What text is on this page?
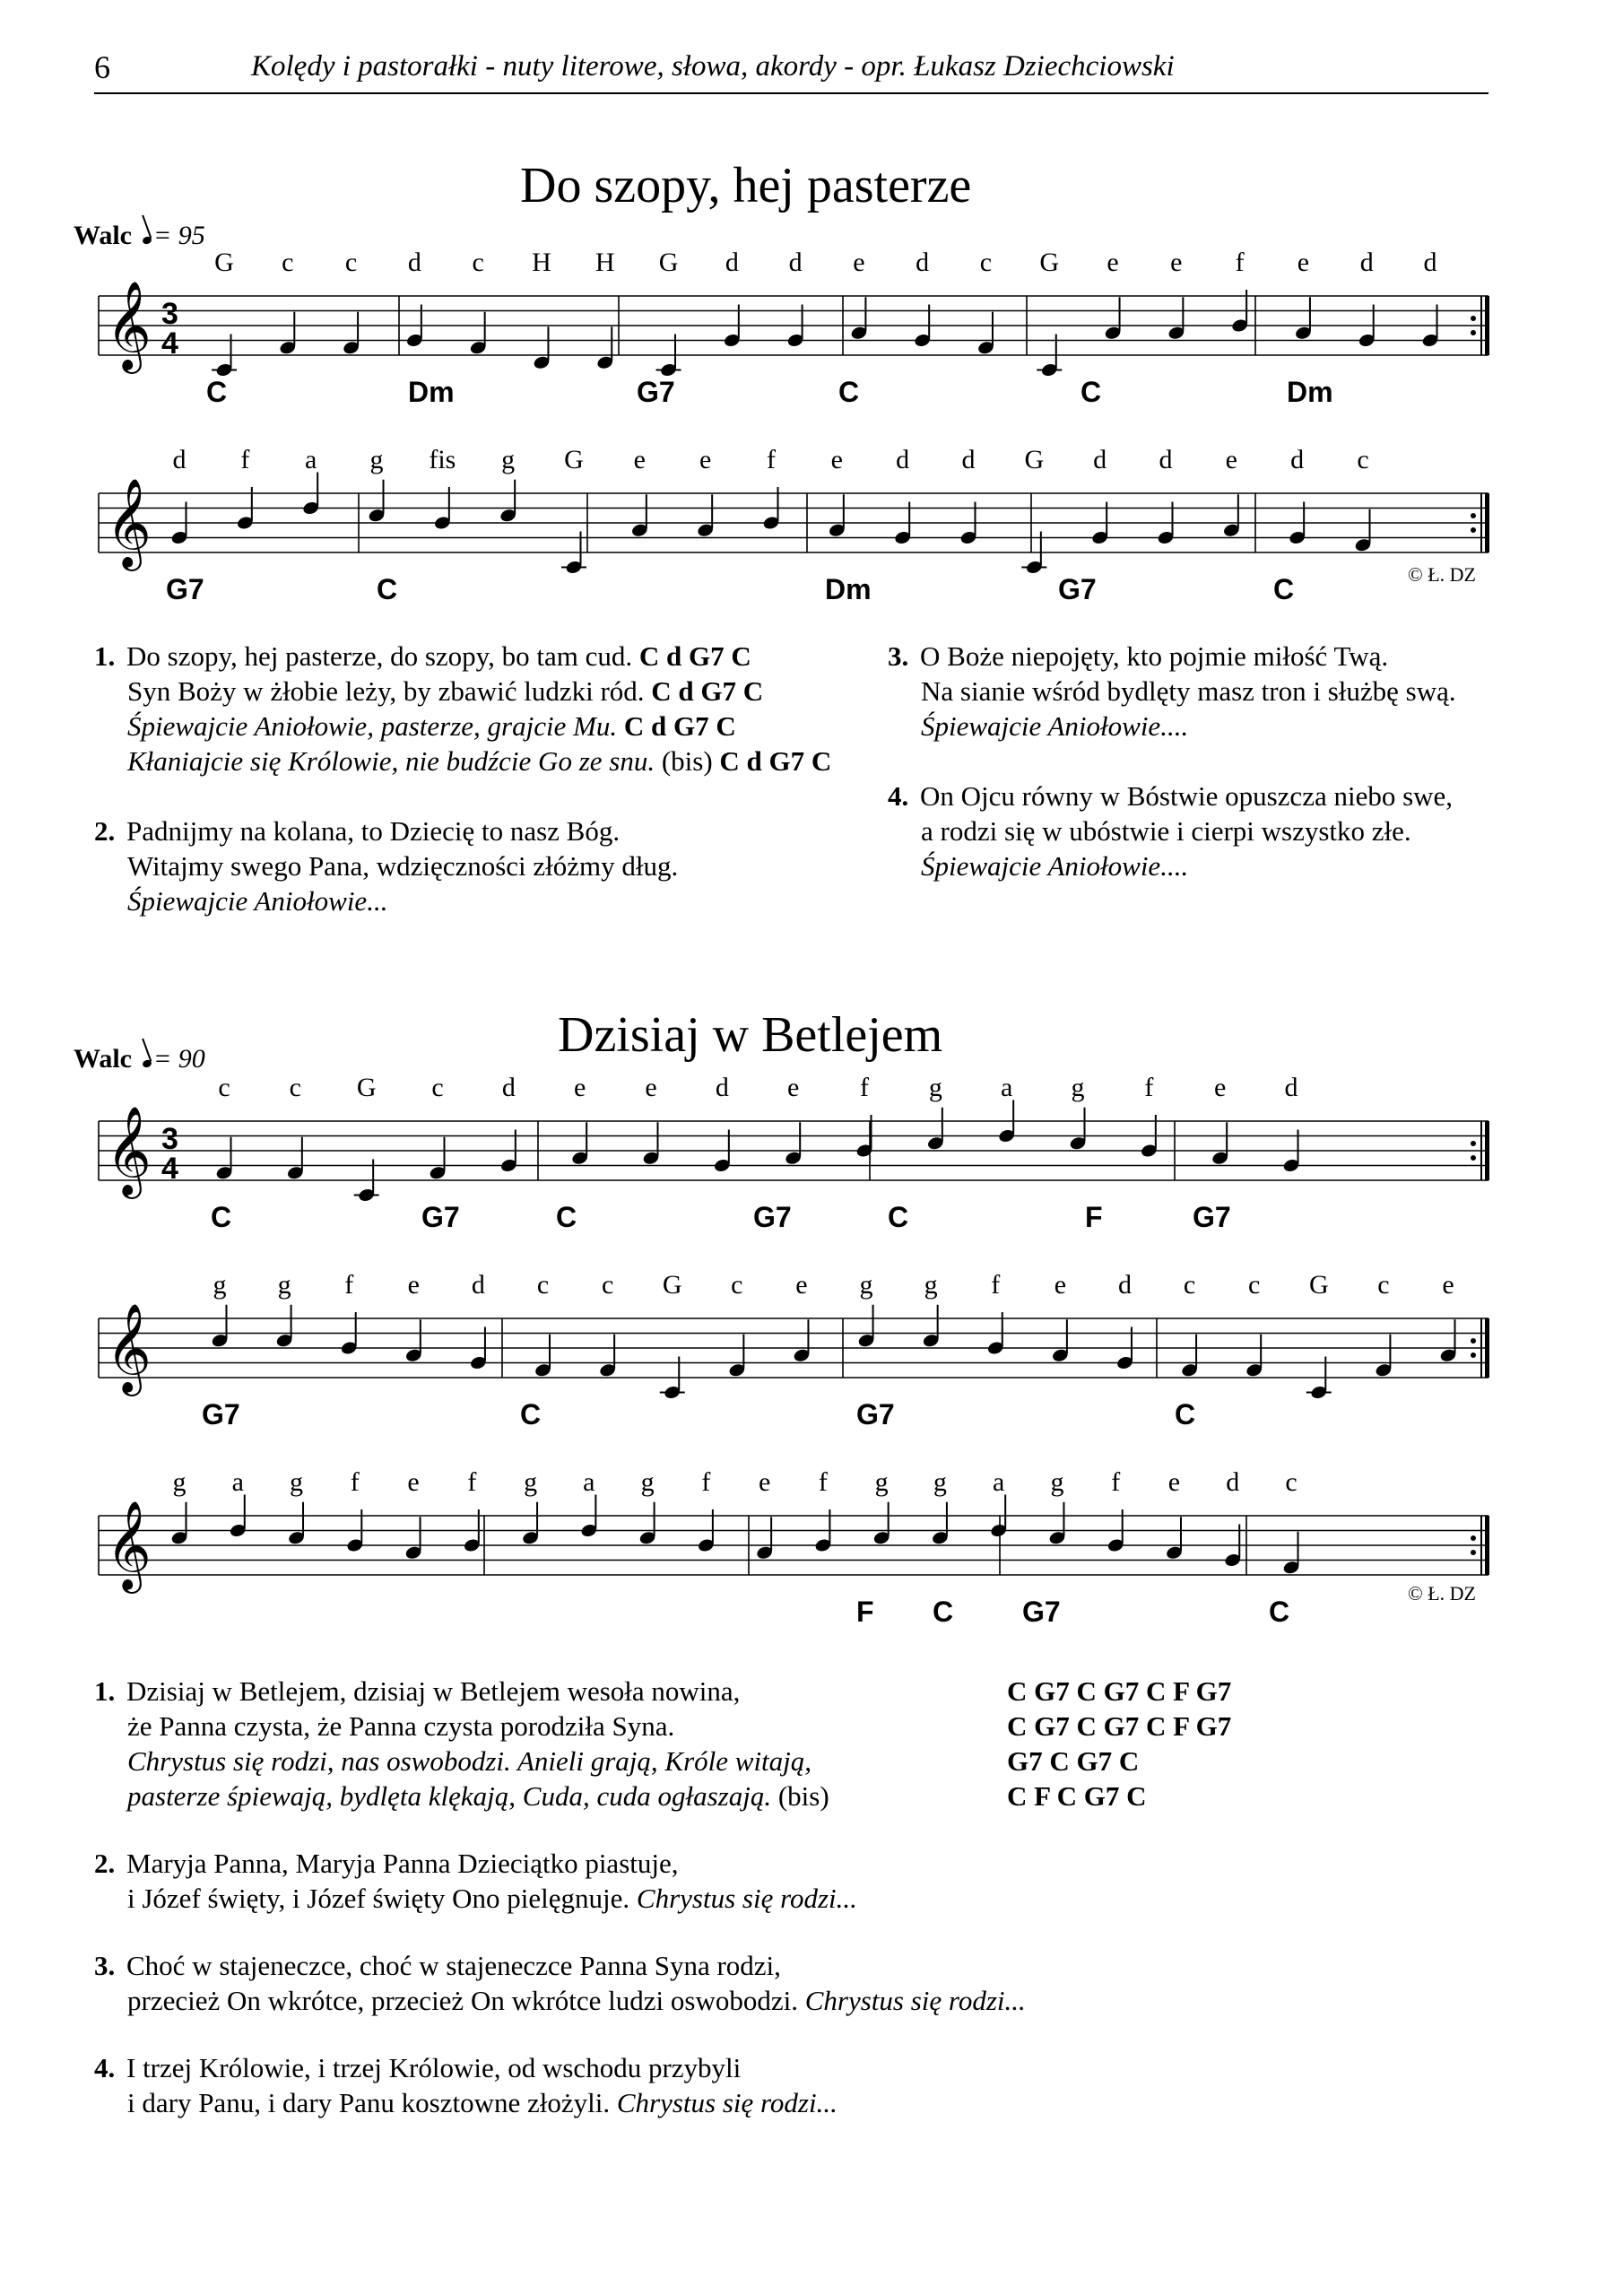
6	Kolędy i pastorałki - nuty literowe, słowa, akordy - opr. Łukasz Dziechciowski
Do szopy, hej pasterze
Walc = 95
G c c d c H H G d d e d c G e e f e d d
𝄞 3
4
C	Dm	G7	C	C	Dm
d f a g fis g G e e f e d d G d d e d c
𝄞
G7	C	Dm	G7	C	© Ł. DZ
1. Do szopy, hej pasterze, do szopy, bo tam cud. C d G7 C
Syn Boży w żłobie leży, by zbawić ludzki ród. C d G7 C
Śpiewajcie Aniołowie, pasterze, grajcie Mu. C d G7 C
Kłaniajcie się Królowie, nie budźcie Go ze snu. (bis) C d G7 C
2. Padnijmy na kolana, to Dziecię to nasz Bóg.
Witajmy swego Pana, wdzięczności złóżmy dług.
Śpiewajcie Aniołowie...
3. O Boże niepojęty, kto pojmie miłość Twą.
Na sianie wśród bydlęty masz tron i służbę swą.
Śpiewajcie Aniołowie....
4. On Ojcu równy w Bóstwie opuszcza niebo swe,
a rodzi się w ubóstwie i cierpi wszystko złe.
Śpiewajcie Aniołowie....
Dzisiaj w Betlejem
Walc = 90
c c G c d e e d e f g a g f e d
𝄞 3
4
C	G7	C	G7	C	F	G7
g g f e d c c G c e g g f e d c c G c e
𝄞
G7	C	G7	C
g a g f e f g a g f e f g g a g f e d c
𝄞
F C G7	C
© Ł. DZ
1. Dzisiaj w Betlejem, dzisiaj w Betlejem wesoła nowina,	C G7 C G7 C F G7
że Panna czysta, że Panna czysta porodziła Syna.	C G7 C G7 C F G7
Chrystus się rodzi, nas oswobodzi. Anieli grają, Króle witają,	G7 C G7 C
pasterze śpiewają, bydlęta klękają, Cuda, cuda ogłaszają. (bis)	C F C G7 C
2. Maryja Panna, Maryja Panna Dzieciątko piastuje,
i Józef święty, i Józef święty Ono pielęgnuje. Chrystus się rodzi...
3. Choć w stajeneczce, choć w stajeneczce Panna Syna rodzi,
przecież On wkrótce, przecież On wkrótce ludzi oswobodzi. Chrystus się rodzi...
4. I trzej Królowie, i trzej Królowie, od wschodu przybyli
i dary Panu, i dary Panu kosztowne złożyli. Chrystus się rodzi...
